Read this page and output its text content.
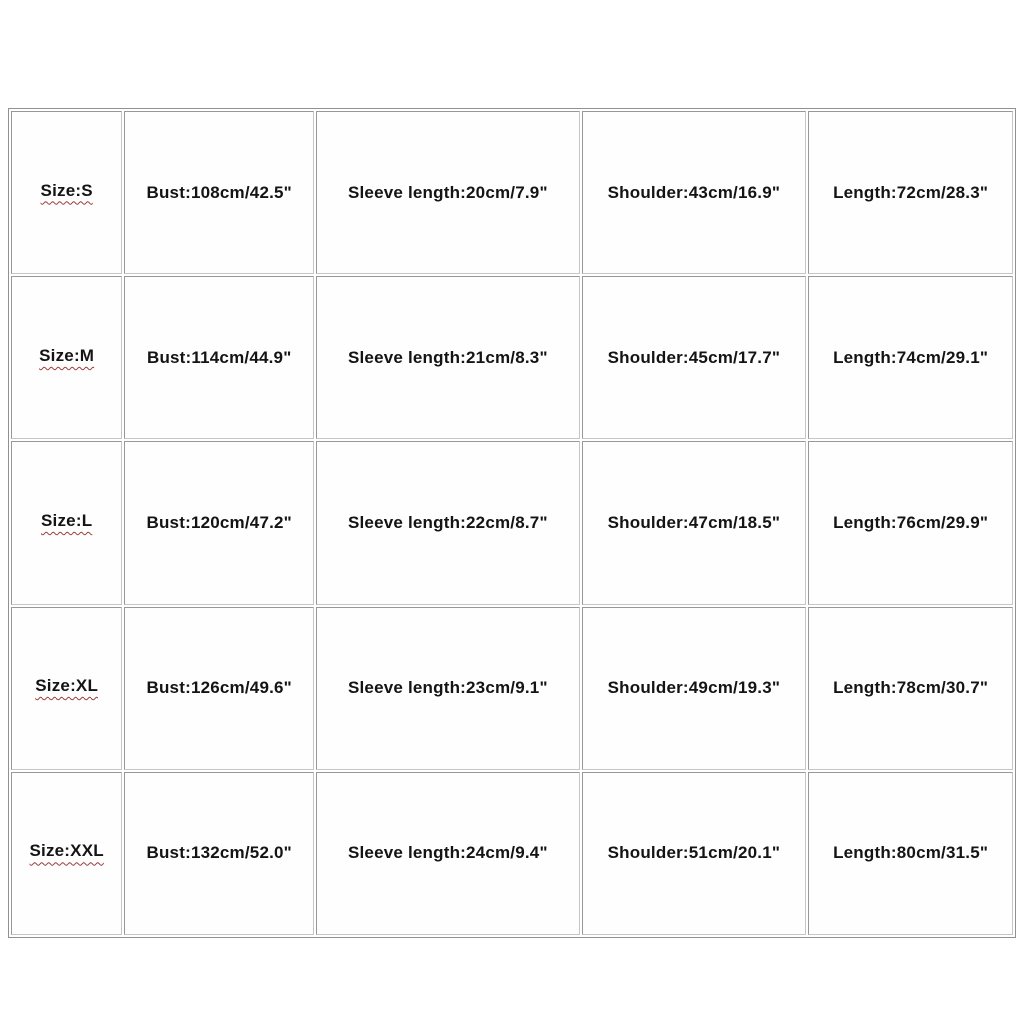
Size:S	Bust:108cm/42.5"	Sleeve length:20cm/7.9"	Shoulder:43cm/16.9"	Length:72cm/28.3"
Size:M	Bust:114cm/44.9"	Sleeve length:21cm/8.3"	Shoulder:45cm/17.7"	Length:74cm/29.1"
Size:L	Bust:120cm/47.2"	Sleeve length:22cm/8.7"	Shoulder:47cm/18.5"	Length:76cm/29.9"
Size:XL	Bust:126cm/49.6"	Sleeve length:23cm/9.1"	Shoulder:49cm/19.3"	Length:78cm/30.7"
Size:XXL	Bust:132cm/52.0"	Sleeve length:24cm/9.4"	Shoulder:51cm/20.1"	Length:80cm/31.5"
